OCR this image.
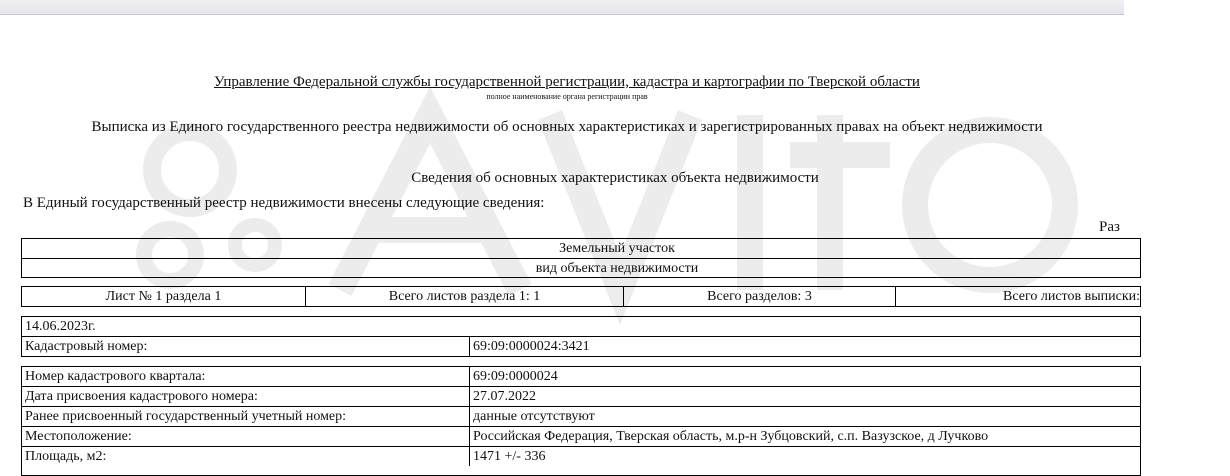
Управление Федеральной службы государственной регистрации, кадастра и картографии по Тверской области
полное наименование органа регистрации прав
Выписка из Единого государственного реестра недвижимости об основных характеристиках и зарегистрированных правах на объект недвижимости
Сведения об основных характеристиках объекта недвижимости
В Единый государственный реестр недвижимости внесены следующие сведения:
Раз
Земельный участок
вид объекта недвижимости
Лист № 1 раздела 1	Всего листов раздела 1: 1	Всего разделов: 3	Всего листов выписки:
14.06.2023г.
Кадастровый номер:	69:09:0000024:3421
Номер кадастрового квартала:	69:09:0000024
Дата присвоения кадастрового номера:	27.07.2022
Ранее присвоенный государственный учетный номер:	данные отсутствуют
Местоположение:	Российская Федерация, Тверская область, м.р-н Зубцовский, с.п. Вазузское, д Лучково
Площадь, м2:	1471 +/- 336
